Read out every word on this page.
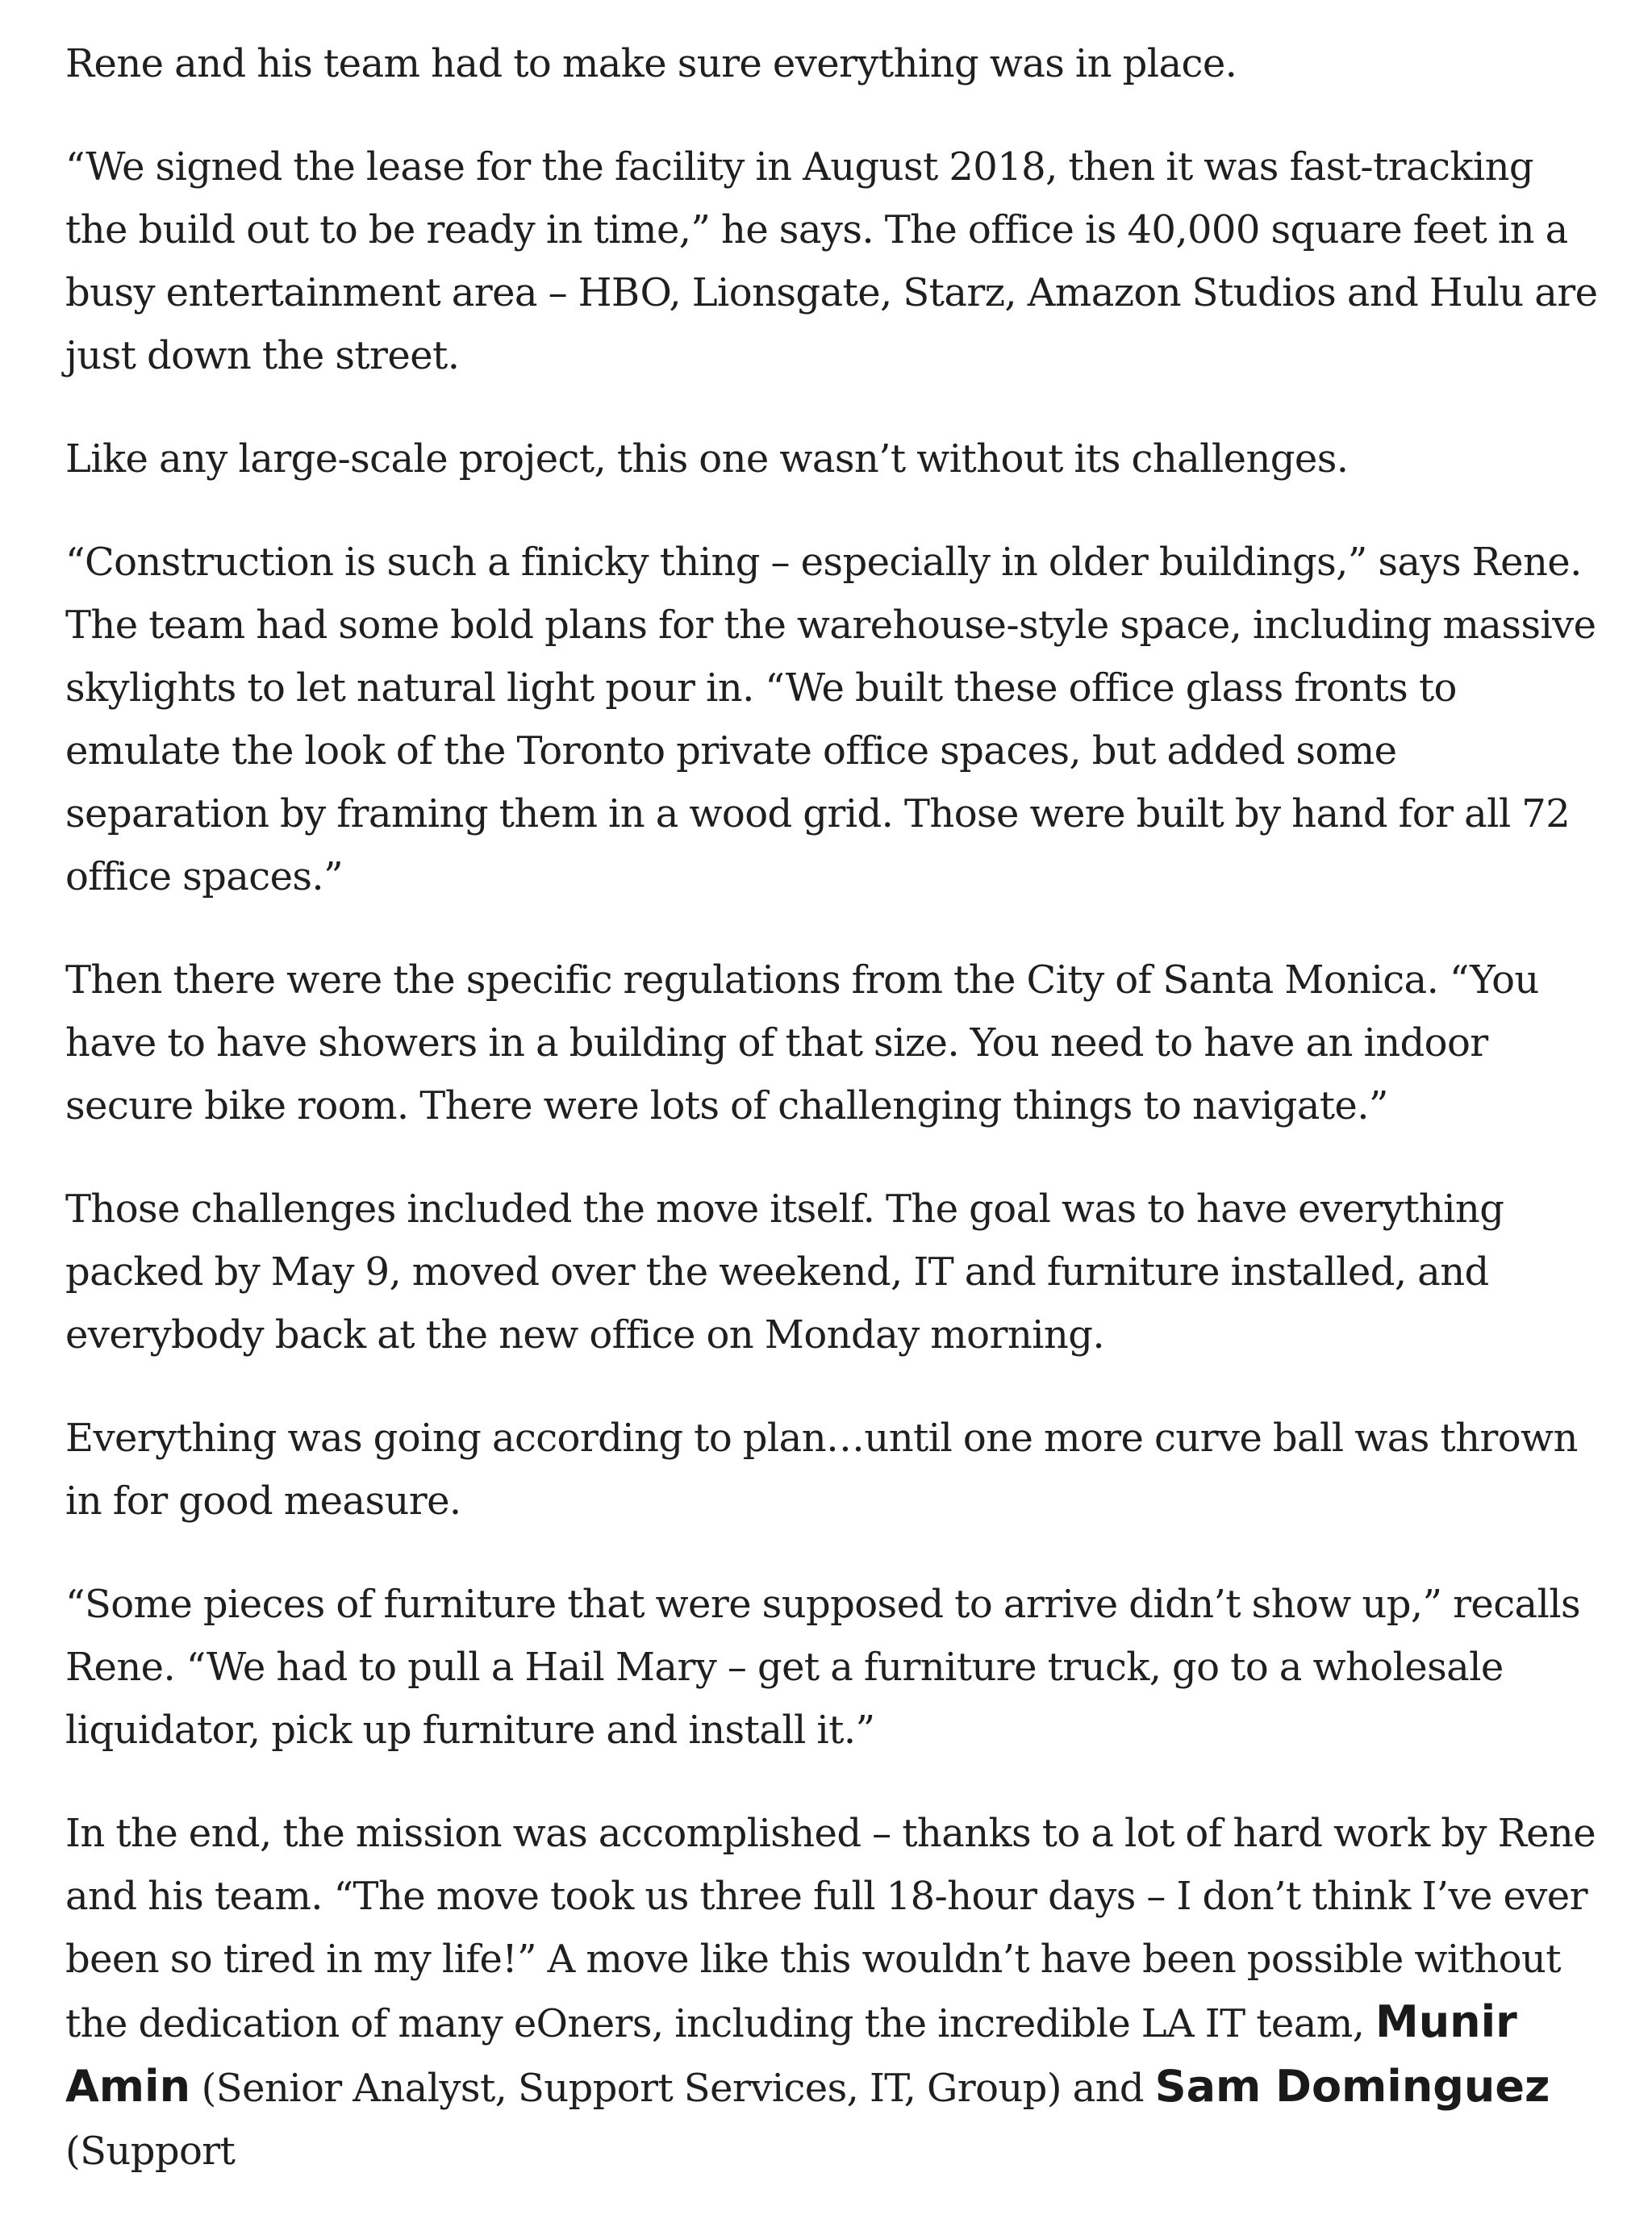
Rene and his team had to make sure everything was in place.

“We signed the lease for the facility in August 2018, then it was fast-tracking the build out to be ready in time,” he says. The office is 40,000 square feet in a busy entertainment area – HBO, Lionsgate, Starz, Amazon Studios and Hulu are just down the street.

Like any large-scale project, this one wasn’t without its challenges.

“Construction is such a finicky thing – especially in older buildings,” says Rene. The team had some bold plans for the warehouse-style space, including massive skylights to let natural light pour in. “We built these office glass fronts to emulate the look of the Toronto private office spaces, but added some separation by framing them in a wood grid. Those were built by hand for all 72 office spaces.”

Then there were the specific regulations from the City of Santa Monica. “You have to have showers in a building of that size. You need to have an indoor secure bike room. There were lots of challenging things to navigate.”

Those challenges included the move itself. The goal was to have everything packed by May 9, moved over the weekend, IT and furniture installed, and everybody back at the new office on Monday morning.

Everything was going according to plan…until one more curve ball was thrown in for good measure.

“Some pieces of furniture that were supposed to arrive didn’t show up,” recalls Rene. “We had to pull a Hail Mary – get a furniture truck, go to a wholesale liquidator, pick up furniture and install it.”

In the end, the mission was accomplished – thanks to a lot of hard work by Rene and his team. “The move took us three full 18-hour days – I don’t think I’ve ever been so tired in my life!” A move like this wouldn’t have been possible without the dedication of many eOners, including the incredible LA IT team, Munir Amin (Senior Analyst, Support Services, IT, Group) and Sam Dominguez (Support
